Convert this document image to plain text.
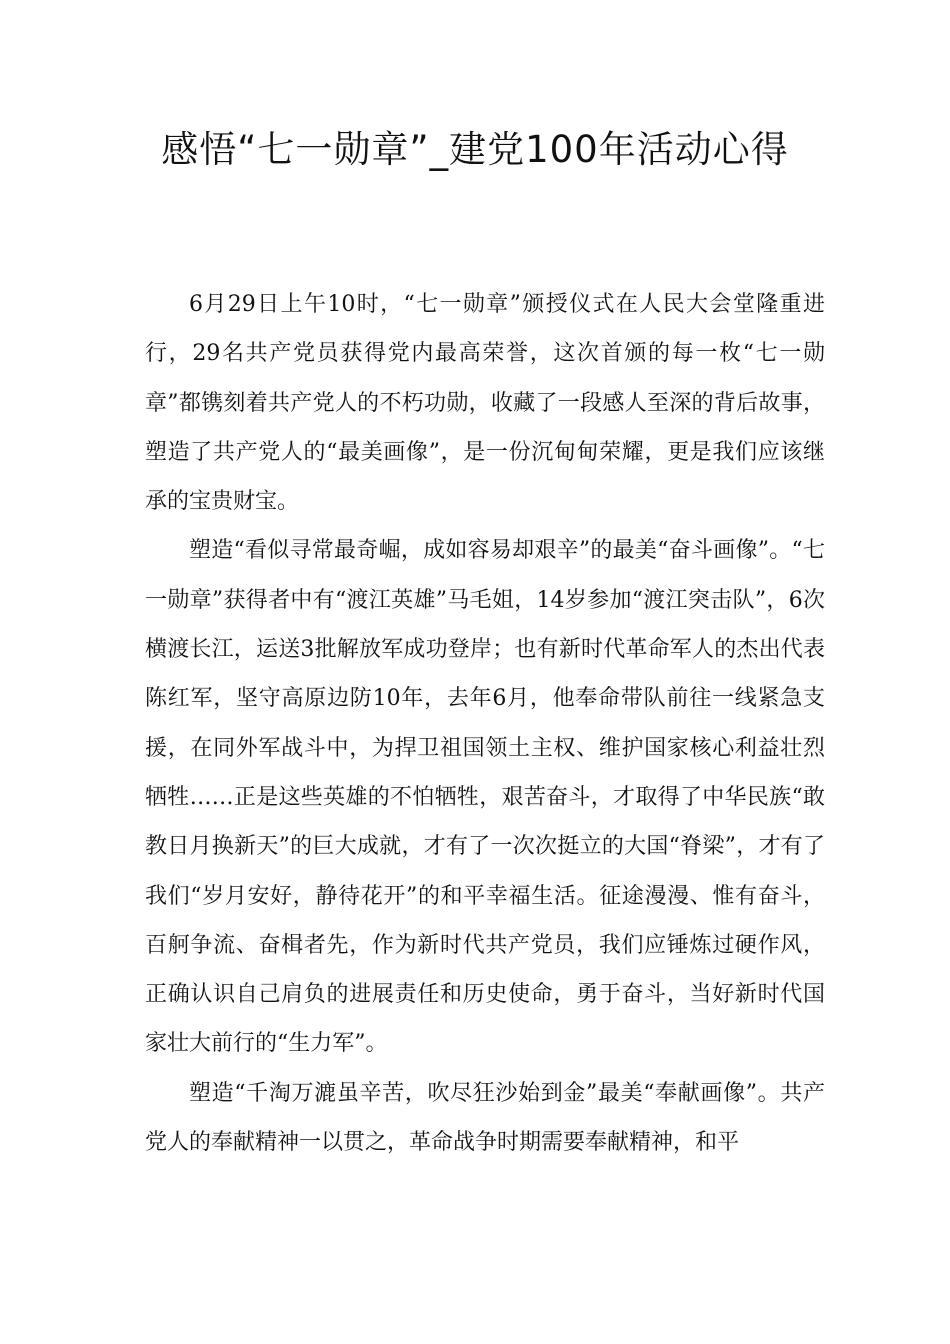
感悟“七一勋章”_建党100年活动心得

6月29日上午10时，“七一勋章”颁授仪式在人民大会堂隆重进行，29名共产党员获得党内最高荣誉，这次首颁的每一枚“七一勋章”都镌刻着共产党人的不朽功勋，收藏了一段感人至深的背后故事，塑造了共产党人的“最美画像”，是一份沉甸甸荣耀，更是我们应该继承的宝贵财宝。

塑造“看似寻常最奇崛，成如容易却艰辛”的最美“奋斗画像”。“七一勋章”获得者中有“渡江英雄”马毛姐，14岁参加“渡江突击队”，6次横渡长江，运送3批解放军成功登岸；也有新时代革命军人的杰出代表陈红军，坚守高原边防10年，去年6月，他奉命带队前往一线紧急支援，在同外军战斗中，为捍卫祖国领土主权、维护国家核心利益壮烈牺牲……正是这些英雄的不怕牺牲，艰苦奋斗，才取得了中华民族“敢教日月换新天”的巨大成就，才有了一次次挺立的大国“脊梁”，才有了我们“岁月安好，静待花开”的和平幸福生活。征途漫漫、惟有奋斗，百舸争流、奋楫者先，作为新时代共产党员，我们应锤炼过硬作风，正确认识自己肩负的进展责任和历史使命，勇于奋斗，当好新时代国家壮大前行的“生力军”。

塑造“千淘万漉虽辛苦，吹尽狂沙始到金”最美“奉献画像”。共产党人的奉献精神一以贯之，革命战争时期需要奉献精神，和平
